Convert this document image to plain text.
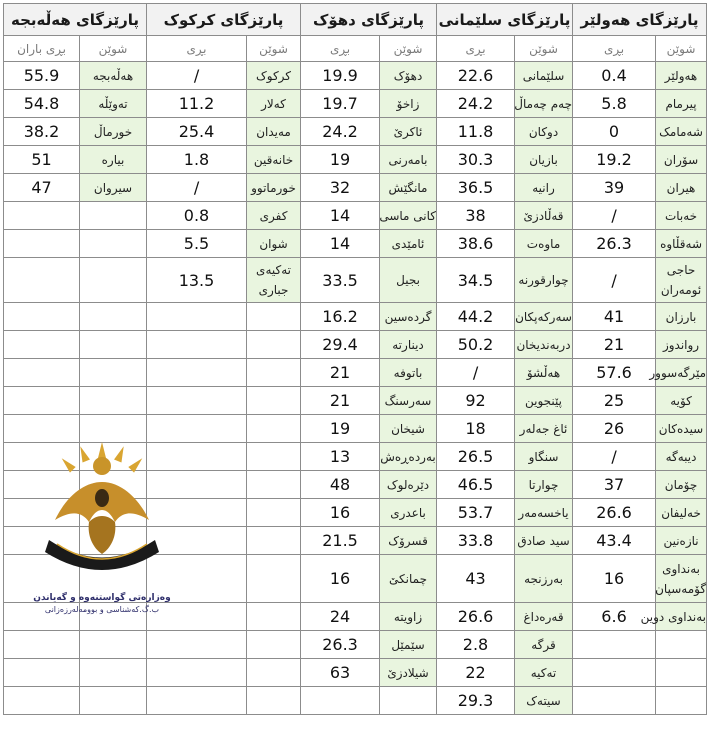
پارێزگای هەولێر		پارێزگای سلێمانی		پارێزگای دهۆک		پارێزگای کرکوک		پارێزگای هەڵەبجە	
شوێن	بڕی	شوێن	بڕی	شوێن	بڕی	شوێن	بڕی	شوێن	بڕی باران
هەولێر	0.4	سلێمانی	22.6	دهۆک	19.9	کرکوک	/	هەڵەبجە	55.9
پیرمام	5.8	چەم چەماڵ	24.2	زاخۆ	19.7	کەلار	11.2	تەوێڵە	54.8
شەمامک	0	دوکان	11.8	ئاکرێ	24.2	مەیدان	25.4	خورماڵ	38.2
سۆران	19.2	بازیان	30.3	بامەرنی	19	خانەقین	1.8	بیارە	51
هیران	39	رانیە	36.5	مانگێش	32	خورماتوو	/	سیروان	47
خەبات	/	قەڵادزێ	38	کانی ماسی	14	کفری	0.8		
شەقڵاوە	26.3	ماوەت	38.6	ئامێدی	14	شوان	5.5		

حاجی ئومەران	/	چوارقورنە	34.5	بجیل	33.5	تەکیەی جباری	13.5		
بارزان	41	سەرکەپکان	44.2	گردەسین	16.2				
رواندوز	21	دربەندیخان	50.2	دینارتە	29.4				
مێرگەسوور	57.6	هەڵشۆ	/	باتوفە	21				
کۆیە	25	پێنجوین	92	سەرسنگ	21				
سیدەکان	26	ئاغ جەلەر	18	شیخان	19				
دیبەگە	/	سنگاو	26.5	بەردەڕەش	13				
چۆمان	37	چوارتا	46.5	دێرەلوک	48				
خەلیفان	26.6	یاخسەمەر	53.7	باعدری	16				
نازەنین	43.4	سید صادق	33.8	قسرۆک	21.5				

بەنداوی گۆمەسپان	16	بەرزنجە	43	چمانکێ	16				
بەنداوی دوین	6.6	قەرەداغ	26.6	زاویتە	24				
		قرگە	2.8	سێمێل	26.3				
		تەکیە	22	شیلادزێ	63				
		سیتەک	29.3						
وەزارەتی گواستنەوە و گەیاندن
ب.گ.کەشناسی و بوومەلەرزەزانی
